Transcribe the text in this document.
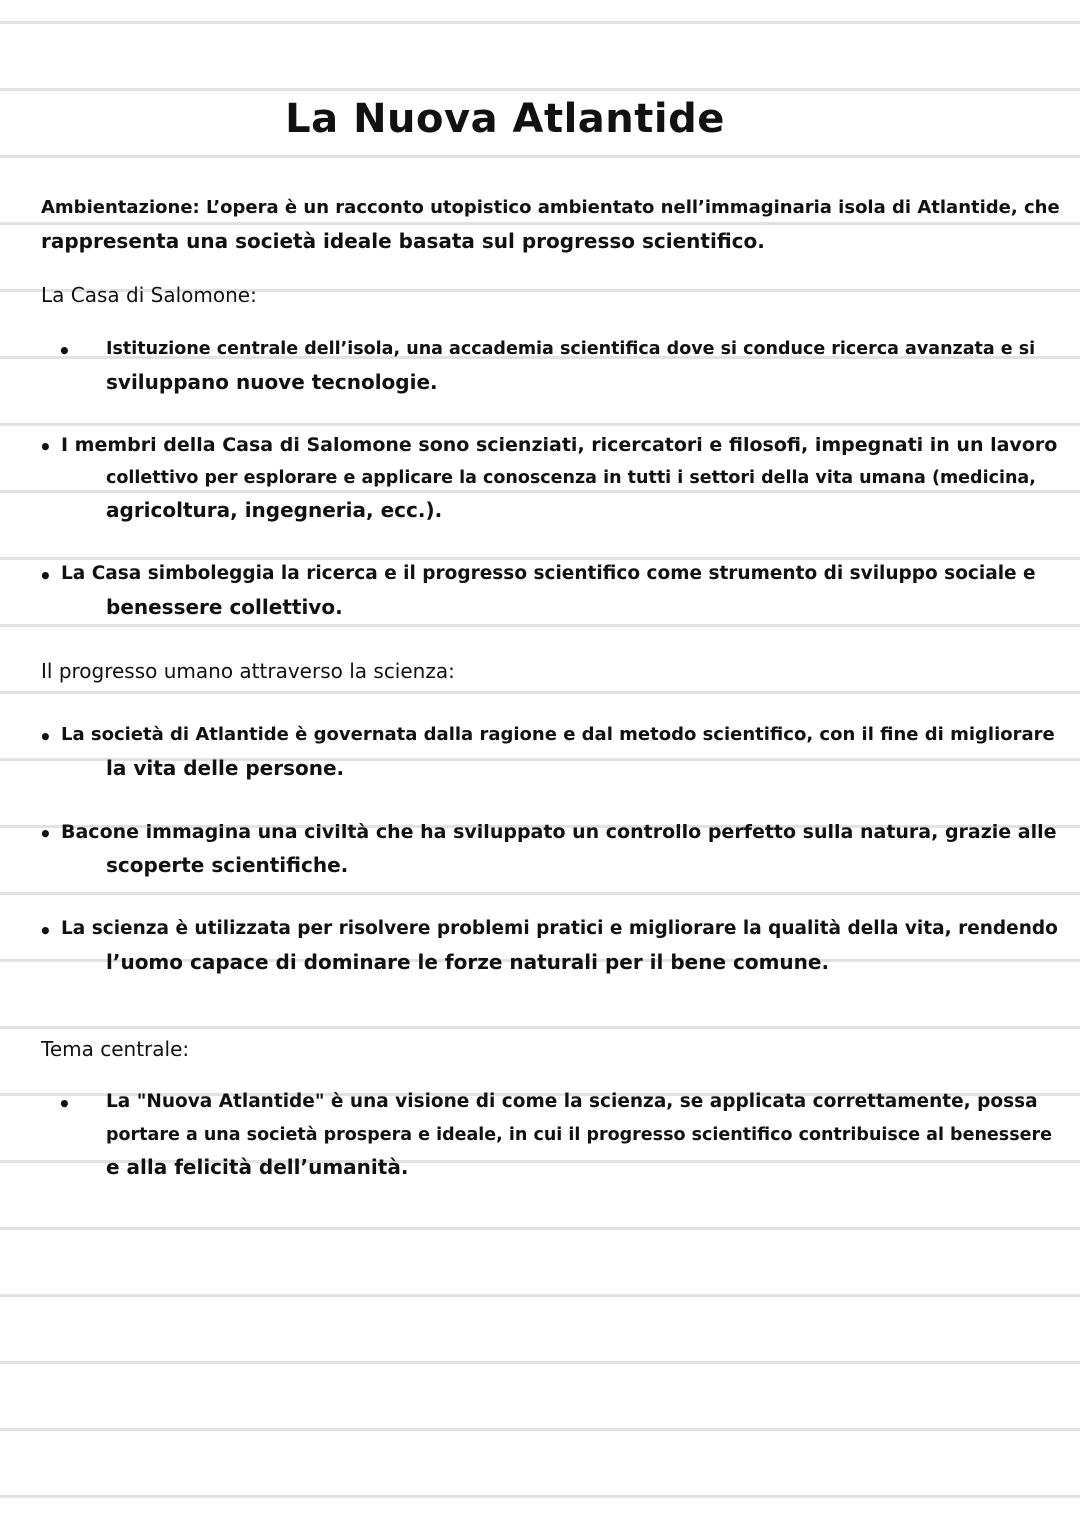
La Nuova Atlantide
Ambientazione: L’opera è un racconto utopistico ambientato nell’immaginaria isola di Atlantide, che
rappresenta una società ideale basata sul progresso scientifico.
La Casa di Salomone:
• Istituzione centrale dell’isola, una accademia scientifica dove si conduce ricerca avanzata e si
sviluppano nuove tecnologie.
• I membri della Casa di Salomone sono scienziati, ricercatori e filosofi, impegnati in un lavoro
collettivo per esplorare e applicare la conoscenza in tutti i settori della vita umana (medicina,
agricoltura, ingegneria, ecc.).
• La Casa simboleggia la ricerca e il progresso scientifico come strumento di sviluppo sociale e
benessere collettivo.
Il progresso umano attraverso la scienza:
• La società di Atlantide è governata dalla ragione e dal metodo scientifico, con il fine di migliorare
la vita delle persone.
• Bacone immagina una civiltà che ha sviluppato un controllo perfetto sulla natura, grazie alle
scoperte scientifiche.
• La scienza è utilizzata per risolvere problemi pratici e migliorare la qualità della vita, rendendo
l’uomo capace di dominare le forze naturali per il bene comune.
Tema centrale:
• La "Nuova Atlantide" è una visione di come la scienza, se applicata correttamente, possa
portare a una società prospera e ideale, in cui il progresso scientifico contribuisce al benessere
e alla felicità dell’umanità.
